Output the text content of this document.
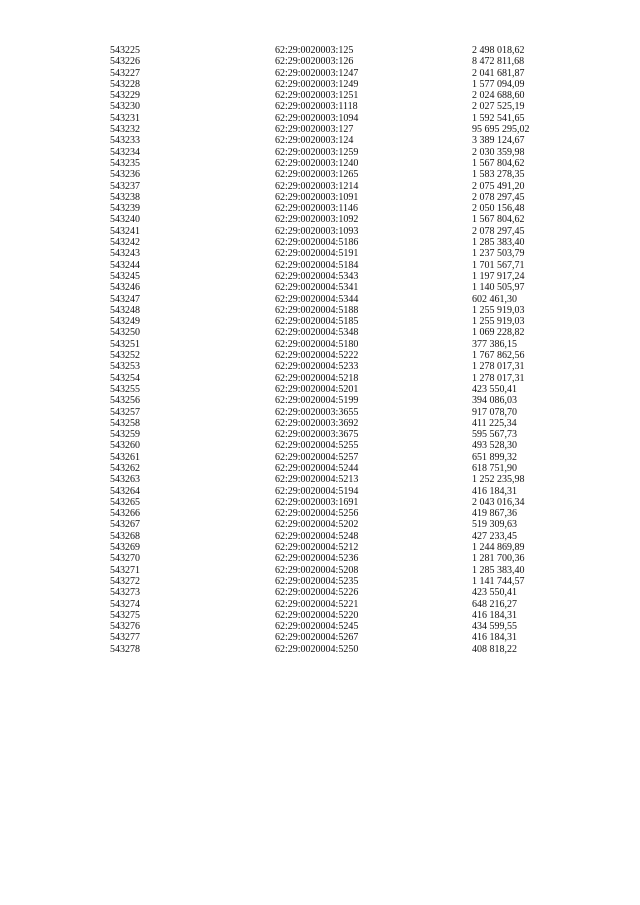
543225	62:29:0020003:125	2 498 018,62
543226	62:29:0020003:126	8 472 811,68
543227	62:29:0020003:1247	2 041 681,87
543228	62:29:0020003:1249	1 577 094,09
543229	62:29:0020003:1251	2 024 688,60
543230	62:29:0020003:1118	2 027 525,19
543231	62:29:0020003:1094	1 592 541,65
543232	62:29:0020003:127	95 695 295,02
543233	62:29:0020003:124	3 389 124,67
543234	62:29:0020003:1259	2 030 359,98
543235	62:29:0020003:1240	1 567 804,62
543236	62:29:0020003:1265	1 583 278,35
543237	62:29:0020003:1214	2 075 491,20
543238	62:29:0020003:1091	2 078 297,45
543239	62:29:0020003:1146	2 050 156,48
543240	62:29:0020003:1092	1 567 804,62
543241	62:29:0020003:1093	2 078 297,45
543242	62:29:0020004:5186	1 285 383,40
543243	62:29:0020004:5191	1 237 503,79
543244	62:29:0020004:5184	1 701 567,71
543245	62:29:0020004:5343	1 197 917,24
543246	62:29:0020004:5341	1 140 505,97
543247	62:29:0020004:5344	602 461,30
543248	62:29:0020004:5188	1 255 919,03
543249	62:29:0020004:5185	1 255 919,03
543250	62:29:0020004:5348	1 069 228,82
543251	62:29:0020004:5180	377 386,15
543252	62:29:0020004:5222	1 767 862,56
543253	62:29:0020004:5233	1 278 017,31
543254	62:29:0020004:5218	1 278 017,31
543255	62:29:0020004:5201	423 550,41
543256	62:29:0020004:5199	394 086,03
543257	62:29:0020003:3655	917 078,70
543258	62:29:0020003:3692	411 225,34
543259	62:29:0020003:3675	595 567,73
543260	62:29:0020004:5255	493 528,30
543261	62:29:0020004:5257	651 899,32
543262	62:29:0020004:5244	618 751,90
543263	62:29:0020004:5213	1 252 235,98
543264	62:29:0020004:5194	416 184,31
543265	62:29:0020003:1691	2 043 016,34
543266	62:29:0020004:5256	419 867,36
543267	62:29:0020004:5202	519 309,63
543268	62:29:0020004:5248	427 233,45
543269	62:29:0020004:5212	1 244 869,89
543270	62:29:0020004:5236	1 281 700,36
543271	62:29:0020004:5208	1 285 383,40
543272	62:29:0020004:5235	1 141 744,57
543273	62:29:0020004:5226	423 550,41
543274	62:29:0020004:5221	648 216,27
543275	62:29:0020004:5220	416 184,31
543276	62:29:0020004:5245	434 599,55
543277	62:29:0020004:5267	416 184,31
543278	62:29:0020004:5250	408 818,22
